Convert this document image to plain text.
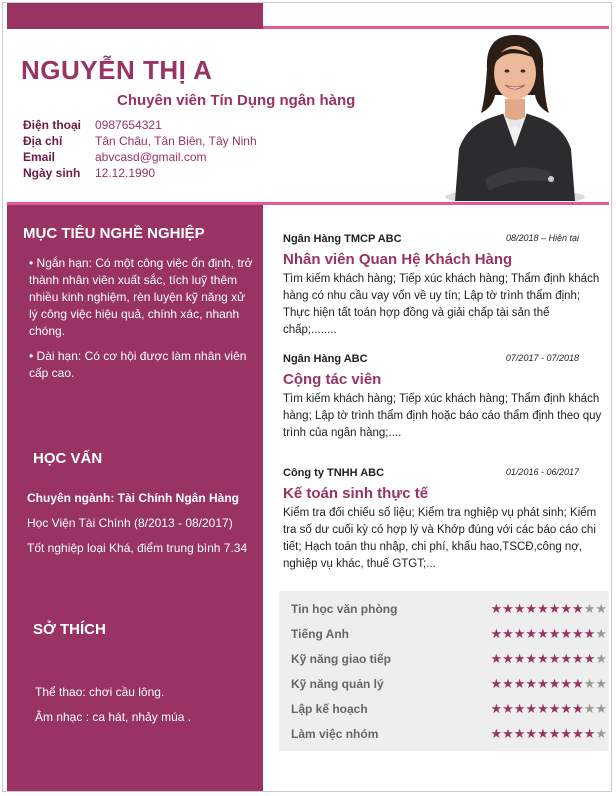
NGUYỄN THỊ A
Chuyên viên Tín Dụng ngân hàng
Điện thoại	0987654321
Địa chỉ	Tân Châu, Tân Biên, Tây Ninh
Email	abvcasd@gmail.com
Ngày sinh	12.12.1990
MỤC TIÊU NGHỀ NGHIỆP
• Ngắn hạn: Có một công việc ổn định, trở thành nhân viên xuất sắc, tích luỹ thêm nhiều kinh nghiệm, rèn luyện kỹ năng xử lý công việc hiệu quả, chính xác, nhanh chóng.
• Dài hạn: Có cơ hội được làm nhân viên cấp cao.
HỌC VẤN
Chuyên ngành: Tài Chính Ngân Hàng
Học Viện Tài Chính (8/2013 - 08/2017)
Tốt nghiệp loại Khá, điểm trung bình 7.34
SỞ THÍCH
Thể thao: chơi cầu lông.
Âm nhạc : ca hát, nhảy múa .
Ngân Hàng TMCP ABC	08/2018 – Hiện tại
Nhân viên Quan Hệ Khách Hàng
Tìm kiếm khách hàng; Tiếp xúc khách hàng; Thẩm định khách hàng có nhu cầu vay vốn về uy tín; Lập tờ trình thẩm định; Thực hiện tất toán hợp đồng và giải chấp tài sản thế chấp;........
Ngân Hàng ABC	07/2017 - 07/2018
Cộng tác viên
Tìm kiếm khách hàng; Tiếp xúc khách hàng; Thẩm định khách hàng; Lập tờ trình thẩm định hoặc báo cáo thẩm định theo quy trình của ngân hàng;....
Công ty TNHH ABC	01/2016 - 06/2017
Kế toán sinh thực tế
Kiểm tra đối chiếu số liệu; Kiểm tra nghiệp vụ phát sinh; Kiểm tra số dư cuối kỳ có hợp lý và Khớp đúng với các báo cáo chi tiết; Hạch toán thu nhập, chi phí, khấu hao,TSCĐ,công nợ, nghiệp vụ khác, thuế GTGT;...
Tin học văn phòng	★★★★★★★★★★
Tiếng Anh	★★★★★★★★★★
Kỹ năng giao tiếp	★★★★★★★★★★
Kỹ năng quản lý	★★★★★★★★★★
Lập kế hoạch	★★★★★★★★★★
Làm việc nhóm	★★★★★★★★★★
